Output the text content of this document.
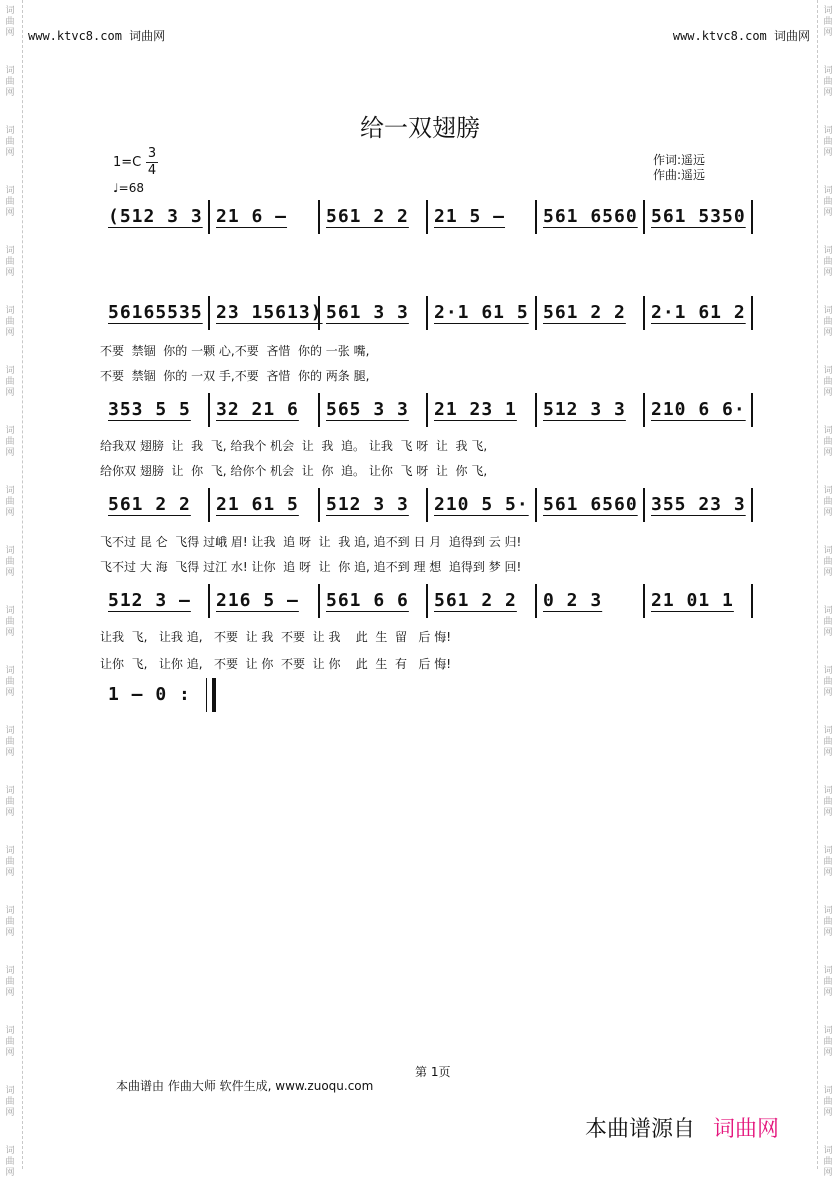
词
曲
网
词
曲
网
词
曲
网
词
曲
网
词
曲
网
词
曲
网
词
曲
网
词
曲
网
词
曲
网
词
曲
网
词
曲
网
词
曲
网
词
曲
网
词
曲
网
词
曲
网
词
曲
网
词
曲
网
词
曲
网
词
曲
网
词
曲
网
词
曲
网
词
曲
网
词
曲
网
词
曲
网
词
曲
网
词
曲
网
词
曲
网
词
曲
网
词
曲
网
词
曲
网
词
曲
网
词
曲
网
词
曲
网
词
曲
网
词
曲
网
词
曲
网
词
曲
网
词
曲
网
词
曲
网
词
曲
网
www.ktvc8.com 词曲网	www.ktvc8.com 词曲网
给一双翅膀
1=C
3
4
♩=68
作词:遥远
作曲:遥远
(512 3 3 21 6 — 561 2 2 21 5 — 561 6560 561 5350
56165535 23 15613) 561 3 3 2·1 61 5 561 2 2 2·1 61 2
353 5 5 32 21 6 565 3 3 21 23 1 512 3 3 210 6 6·
561 2 2 21 61 5 512 3 3 210 5 5· 561 6560 355 23 3
512 3 — 216 5 — 561 6 6 561 2 2 0 2 3	21 01 1
1 — 0 :
不要  禁锢  你的 一颗 心,不要  吝惜  你的 一张 嘴,
不要  禁锢  你的 一双 手,不要  吝惜  你的 两条 腿,
给我双 翅膀  让  我  飞, 给我个 机会  让  我  追。 让我  飞 呀  让  我 飞,
给你双 翅膀  让  你  飞, 给你个 机会  让  你  追。 让你  飞 呀  让  你 飞,
飞不过 昆 仑  飞得 过峨 眉! 让我  追 呀  让  我 追, 追不到 日 月  追得到 云 归!
飞不过 大 海  飞得 过江 水! 让你  追 呀  让  你 追, 追不到 理 想  追得到 梦 回!
让我  飞,   让我 追,   不要  让 我  不要  让 我    此  生  留   后 悔!
让你  飞,   让你 追,   不要  让 你  不要  让 你    此  生  有   后 悔!
第 1页
本曲谱由 作曲大师 软件生成, www.zuoqu.com
本曲谱源自 词曲网
